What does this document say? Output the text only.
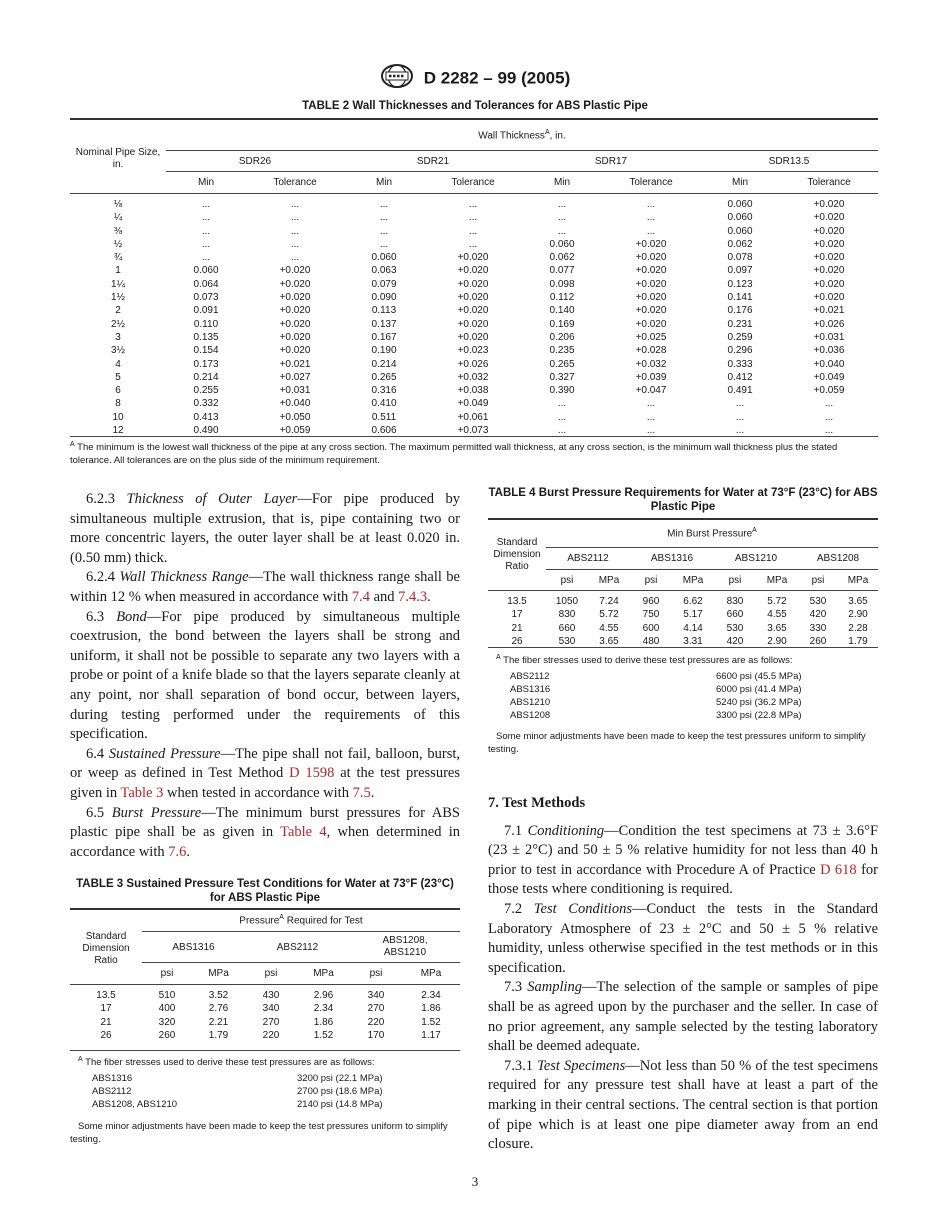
D 2282 – 99 (2005)
TABLE 2 Wall Thicknesses and Tolerances for ABS Plastic Pipe
Nominal Pipe Size, in.	Wall Thickness$^A$, in.							
	SDR26		SDR21		SDR17		SDR13.5	
	Min	Tolerance	Min	Tolerance	Min	Tolerance	Min	Tolerance
⅛	...	...	...	...	...	...	0.060	+0.020
¼	...	...	...	...	...	...	0.060	+0.020
⅜	...	...	...	...	...	...	0.060	+0.020
½	...	...	...	...	0.060	+0.020	0.062	+0.020
¾	...	...	0.060	+0.020	0.062	+0.020	0.078	+0.020
1	0.060	+0.020	0.063	+0.020	0.077	+0.020	0.097	+0.020
1¼	0.064	+0.020	0.079	+0.020	0.098	+0.020	0.123	+0.020
1½	0.073	+0.020	0.090	+0.020	0.112	+0.020	0.141	+0.020
2	0.091	+0.020	0.113	+0.020	0.140	+0.020	0.176	+0.021
2½	0.110	+0.020	0.137	+0.020	0.169	+0.020	0.231	+0.026
3	0.135	+0.020	0.167	+0.020	0.206	+0.025	0.259	+0.031
3½	0.154	+0.020	0.190	+0.023	0.235	+0.028	0.296	+0.036
4	0.173	+0.021	0.214	+0.026	0.265	+0.032	0.333	+0.040
5	0.214	+0.027	0.265	+0.032	0.327	+0.039	0.412	+0.049
6	0.255	+0.031	0.316	+0.038	0.390	+0.047	0.491	+0.059
8	0.332	+0.040	0.410	+0.049	...	...	...	...
10	0.413	+0.050	0.511	+0.061	...	...	...	...
12	0.490	+0.059	0.606	+0.073	...	...	...	...
$^A$ The minimum is the lowest wall thickness of the pipe at any cross section. The maximum permitted wall thickness, at any cross section, is the minimum wall thickness plus the stated tolerance. All tolerances are on the plus side of the minimum requirement.

6.2.3 Thickness of Outer Layer—For pipe produced by simultaneous multiple extrusion, that is, pipe containing two or more concentric layers, the outer layer shall be at least 0.020 in. (0.50 mm) thick.

6.2.4 Wall Thickness Range—The wall thickness range shall be within 12 % when measured in accordance with 7.4 and 7.4.3.

6.3 Bond—For pipe produced by simultaneous multiple coextrusion, the bond between the layers shall be strong and uniform, it shall not be possible to separate any two layers with a probe or point of a knife blade so that the layers separate cleanly at any point, nor shall separation of bond occur, between layers, during testing performed under the requirements of this specification.

6.4 Sustained Pressure—The pipe shall not fail, balloon, burst, or weep as defined in Test Method D 1598 at the test pressures given in Table 3 when tested in accordance with 7.5.

6.5 Burst Pressure—The minimum burst pressures for ABS plastic pipe shall be as given in Table 4, when determined in accordance with 7.6.

TABLE 3 Sustained Pressure Test Conditions for Water at 73°F (23°C) for ABS Plastic Pipe
Standard Dimension Ratio	Pressure$^A$ Required for Test					
	ABS1316		ABS2112		ABS1208, ABS1210	
	psi	MPa	psi	MPa	psi	MPa
13.5	510	3.52	430	2.96	340	2.34
17	400	2.76	340	2.34	270	1.86
21	320	2.21	270	1.86	220	1.52
26	260	1.79	220	1.52	170	1.17
$^A$ The fiber stresses used to derive these test pressures are as follows:
ABS1316	3200 psi (22.1 MPa)
ABS2112	2700 psi (18.6 MPa)
ABS1208, ABS1210	2140 psi (14.8 MPa)
Some minor adjustments have been made to keep the test pressures uniform to simplify testing.
TABLE 4 Burst Pressure Requirements for Water at 73°F (23°C) for ABS Plastic Pipe
Standard Dimension Ratio	Min Burst Pressure$^A$
	ABS2112		ABS1316		ABS1210		ABS1208	
	psi	MPa	psi	MPa	psi	MPa	psi	MPa
13.5	1050	7.24	960	6.62	830	5.72	530	3.65
17	830	5.72	750	5.17	660	4.55	420	2.90
21	660	4.55	600	4.14	530	3.65	330	2.28
26	530	3.65	480	3.31	420	2.90	260	1.79
$^A$ The fiber stresses used to derive these test pressures are as follows:
ABS2112	6600 psi (45.5 MPa)
ABS1316	6000 psi (41.4 MPa)
ABS1210	5240 psi (36.2 MPa)
ABS1208	3300 psi (22.8 MPa)
Some minor adjustments have been made to keep the test pressures uniform to simplify testing.

7. Test Methods

7.1 Conditioning—Condition the test specimens at 73 ± 3.6°F (23 ± 2°C) and 50 ± 5 % relative humidity for not less than 40 h prior to test in accordance with Procedure A of Practice D 618 for those tests where conditioning is required.

7.2 Test Conditions—Conduct the tests in the Standard Laboratory Atmosphere of 23 ± 2°C and 50 ± 5 % relative humidity, unless otherwise specified in the test methods or in this specification.

7.3 Sampling—The selection of the sample or samples of pipe shall be as agreed upon by the purchaser and the seller. In case of no prior agreement, any sample selected by the testing laboratory shall be deemed adequate.

7.3.1 Test Specimens—Not less than 50 % of the test specimens required for any pressure test shall have at least a part of the marking in their central sections. The central section is that portion of pipe which is at least one pipe diameter away from an end closure.

3
